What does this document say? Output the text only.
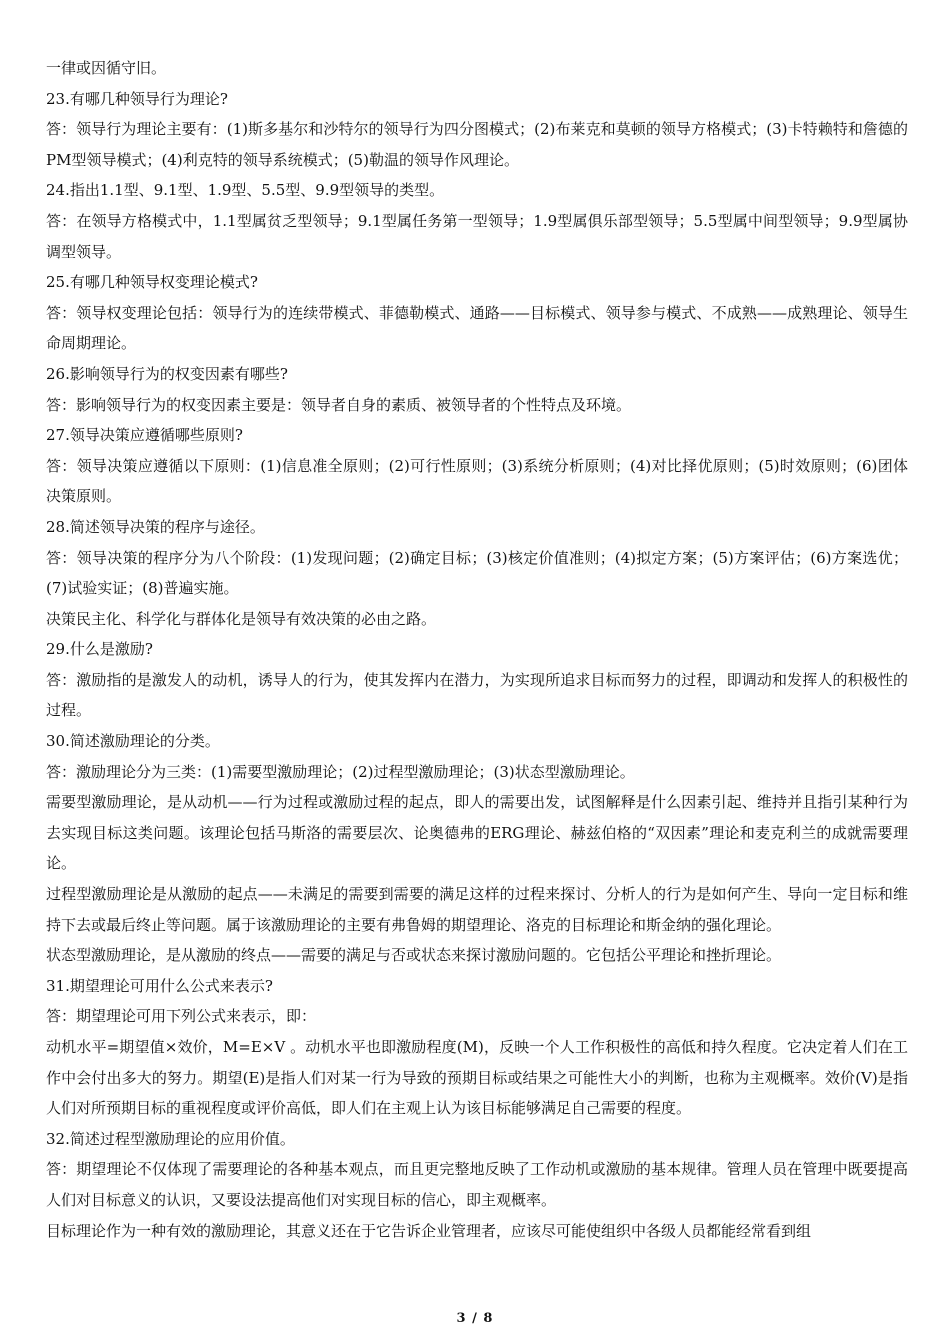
一律或因循守旧。

23.有哪几种领导行为理论?

答：领导行为理论主要有：(1)斯多基尔和沙特尔的领导行为四分图模式；(2)布莱克和莫顿的领导方格模式；(3)卡特赖特和詹德的PM型领导模式；(4)利克特的领导系统模式；(5)勒温的领导作风理论。

24.指出1.1型、9.1型、1.9型、5.5型、9.9型领导的类型。

答：在领导方格模式中，1.1型属贫乏型领导；9.1型属任务第一型领导；1.9型属俱乐部型领导；5.5型属中间型领导；9.9型属协调型领导。

25.有哪几种领导权变理论模式?

答：领导权变理论包括：领导行为的连续带模式、菲德勒模式、通路——目标模式、领导参与模式、不成熟——成熟理论、领导生命周期理论。

26.影响领导行为的权变因素有哪些?

答：影响领导行为的权变因素主要是：领导者自身的素质、被领导者的个性特点及环境。

27.领导决策应遵循哪些原则?

答：领导决策应遵循以下原则：(1)信息准全原则；(2)可行性原则；(3)系统分析原则；(4)对比择优原则；(5)时效原则；(6)团体决策原则。

28.简述领导决策的程序与途径。

答：领导决策的程序分为八个阶段：(1)发现问题；(2)确定目标；(3)核定价值准则；(4)拟定方案；(5)方案评估；(6)方案选优；(7)试验实证；(8)普遍实施。

决策民主化、科学化与群体化是领导有效决策的必由之路。

29.什么是激励?

答：激励指的是激发人的动机，诱导人的行为，使其发挥内在潜力，为实现所追求目标而努力的过程，即调动和发挥人的积极性的过程。

30.简述激励理论的分类。

答：激励理论分为三类：(1)需要型激励理论；(2)过程型激励理论；(3)状态型激励理论。

需要型激励理论，是从动机——行为过程或激励过程的起点，即人的需要出发，试图解释是什么因素引起、维持并且指引某种行为去实现目标这类问题。该理论包括马斯洛的需要层次、论奥德弗的ERG理论、赫兹伯格的“双因素”理论和麦克利兰的成就需要理论。

过程型激励理论是从激励的起点——未满足的需要到需要的满足这样的过程来探讨、分析人的行为是如何产生、导向一定目标和维持下去或最后终止等问题。属于该激励理论的主要有弗鲁姆的期望理论、洛克的目标理论和斯金纳的强化理论。

状态型激励理论，是从激励的终点——需要的满足与否或状态来探讨激励问题的。它包括公平理论和挫折理论。

31.期望理论可用什么公式来表示?

答：期望理论可用下列公式来表示，即：

动机水平=期望值×效价，M=E×V 。动机水平也即激励程度(M)，反映一个人工作积极性的高低和持久程度。它决定着人们在工作中会付出多大的努力。期望(E)是指人们对某一行为导致的预期目标或结果之可能性大小的判断，也称为主观概率。效价(V)是指人们对所预期目标的重视程度或评价高低，即人们在主观上认为该目标能够满足自己需要的程度。

32.简述过程型激励理论的应用价值。

答：期望理论不仅体现了需要理论的各种基本观点，而且更完整地反映了工作动机或激励的基本规律。管理人员在管理中既要提高人们对目标意义的认识，又要设法提高他们对实现目标的信心，即主观概率。

目标理论作为一种有效的激励理论，其意义还在于它告诉企业管理者，应该尽可能使组织中各级人员都能经常看到组

3 / 8
